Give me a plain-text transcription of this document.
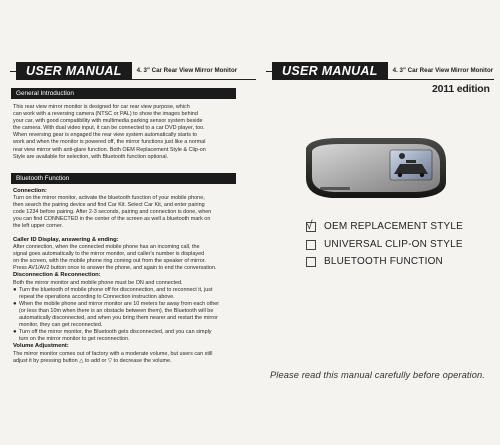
USER MANUAL	4. 3" Car Rear View Mirror Monitor	USER MANUAL	4. 3" Car Rear View Mirror Monitor
2011 edition
General Introduction
This rear view mirror monitor is designed for car rear view purpose, which
can work with a reversing camera (NTSC or PAL) to show the images behind
your car, with good compatibility with multimedia parking sensor system beside
the camera. With dual video input, it can be connected to a car DVD player, too.
When reversing gear is engaged the rear view system automatically starts to
work and when the monitor is powered off, the mirror functions just like a normal
rear view mirror with anti-glare function. Both OEM Replacement Style & Clip-on
Style are available for selection, with Bluetooth function optional.
Bluetooth Function
Connection:
Turn on the mirror monitor, activate the bluetooth function of your mobile phone,
then search the pairing device and find Car Kit. Select Car Kit, and enter pairing
code 1234 before pairing. After 2-3 seconds, pairing and connection is done, when
you can find CONNECTED in the center of the screen as well a bluetooth mark on
the left upper corner.
Caller ID Display, answering & ending:
After connection, when the connected mobile phone has an incoming call, the
signal goes automatically to the mirror monitor, and caller's number is displayed
on the screen, with the mobile phone ring coming out from the speaker of mirror.
Press AV1/AV2 button once to answer the phone, and again to end the conversation.
Disconnection & Reconnection:
Both the mirror monitor and mobile phone must be ON and connected.
● Turn the bluetooth of mobile phone off for disconnection, and to reconnect it, just
repeat the operations according to Connection instruction above.
● When the mobile phone and mirror monitor are 10 meters far away from each other
(or less than 10m when there is an obstacle between them), the Bluetooth will be
automatically disconnected, and when you bring them nearer and restart the mirror
monitor, they can get reconnected.
● Turn off the mirror monitor, the Bluetooth gets disconnected, and you can simply
turn on the mirror monitor to get reconnection.
Volume Adjustment:
The mirror monitor comes out of factory with a moderate volume, but users can still
adjust it by pressing button △ to add or ▽ to decrease the volume.
√ OEM REPLACEMENT STYLE
UNIVERSAL CLIP-ON STYLE
BLUETOOTH FUNCTION
Please read this manual carefully before operation.
